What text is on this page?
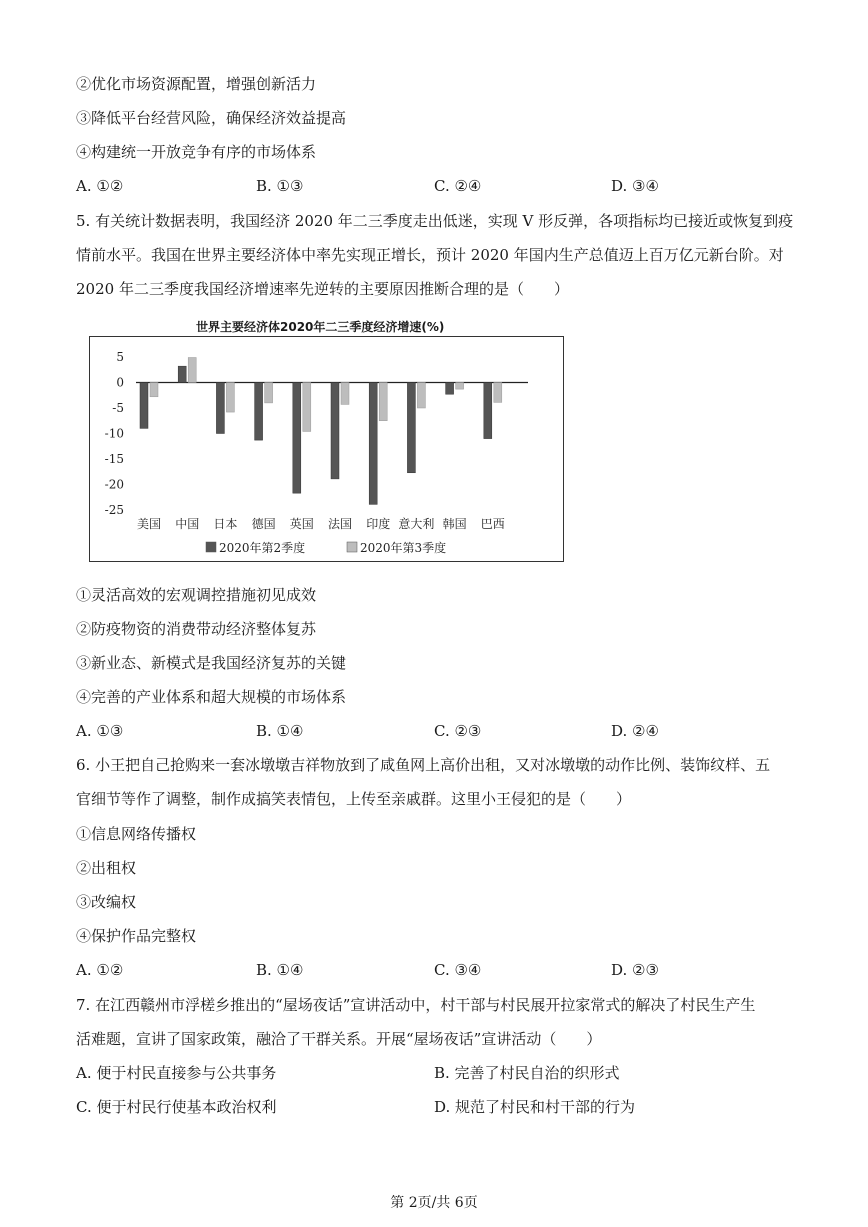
②优化市场资源配置，增强创新活力
③降低平台经营风险，确保经济效益提高
④构建统一开放竞争有序的市场体系
A. ①②	B. ①③	C. ②④	D. ③④
5. 有关统计数据表明，我国经济 2020 年二三季度走出低迷，实现 V 形反弹，各项指标均已接近或恢复到疫
情前水平。我国在世界主要经济体中率先实现正增长，预计 2020 年国内生产总值迈上百万亿元新台阶。对
2020 年二三季度我国经济增速率先逆转的主要原因推断合理的是（　　）
世界主要经济体2020年二三季度经济增速(%)
5
0
-5
-10
-15
-20
-25
美国 中国 日本 德国 英国 法国 印度 意大利 韩国 巴西
2020年第2季度	2020年第3季度
①灵活高效的宏观调控措施初见成效
②防疫物资的消费带动经济整体复苏
③新业态、新模式是我国经济复苏的关键
④完善的产业体系和超大规模的市场体系
A. ①③	B. ①④	C. ②③	D. ②④
6. 小王把自己抢购来一套冰墩墩吉祥物放到了咸鱼网上高价出租，又对冰墩墩的动作比例、装饰纹样、五
官细节等作了调整，制作成搞笑表情包，上传至亲戚群。这里小王侵犯的是（　　）
①信息网络传播权
②出租权
③改编权
④保护作品完整权
A. ①②	B. ①④	C. ③④	D. ②③
7. 在江西赣州市浮槎乡推出的“屋场夜话”宣讲活动中，村干部与村民展开拉家常式的解决了村民生产生
活难题，宣讲了国家政策，融洽了干群关系。开展“屋场夜话”宣讲活动（　　）
A. 便于村民直接参与公共事务	B. 完善了村民自治的织形式
C. 便于村民行使基本政治权利	D. 规范了村民和村干部的行为
第 2页/共 6页
